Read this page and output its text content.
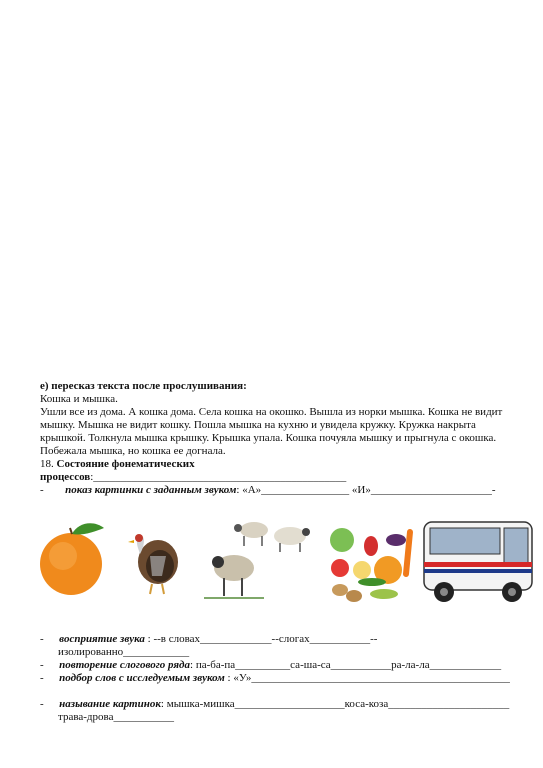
е) пересказ текста после прослушивания:
Кошка и мышка.
Ушли все из дома. А кошка дома. Села кошка на окошко. Вышла из норки мышка. Кошка не видит
мышку. Мышка не видит кошку. Пошла мышка на кухню и увидела кружку. Кружка накрыта
крышкой. Толкнула мышка крышку. Крышка упала. Кошка почуяла мышку и прыгнула с окошка.
Побежала мышка, но кошка ее догнала.
18. Состояние фонематических
процессов:______________________________________________
- показ картинки с заданным звуком: «А»________________ «И»______________________-
- восприятие звука : --в словах_____________--слогах___________--
изолированно____________
- повторение слогового ряда: па-ба-па__________са-ша-са___________ра-ла-ла_____________
- подбор слов с исследуемым звуком : «У»_______________________________________________
- называние картинок: мышка-мишка____________________коса-коза______________________
трава-дрова___________
